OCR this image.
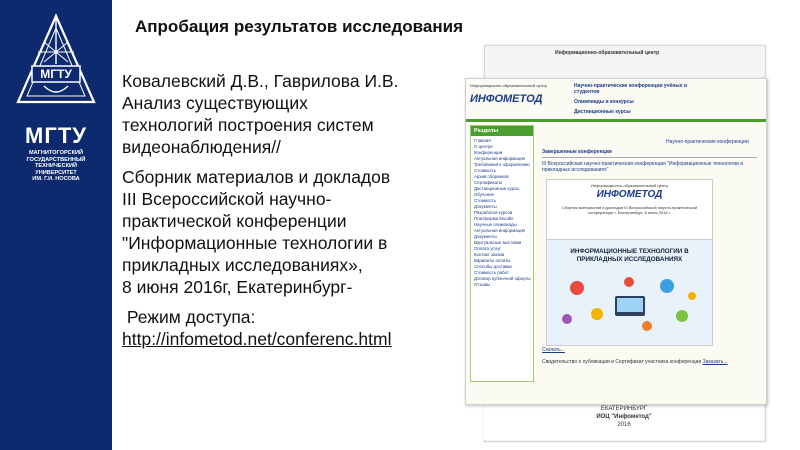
МГТУ
МГТУ
МАГНИТОГОРСКИЙ
ГОСУДАРСТВЕННЫЙ
ТЕХНИЧЕСКИЙ
УНИВЕРСИТЕТ
ИМ. Г.И. НОСОВА
Апробация результатов исследования

Ковалевский Д.В., Гаврилова И.В.

Анализ существующих

технологий построения систем

видеонаблюдения//

Сборник материалов и докладов

III Всероссийской научно-

практической конференции

"Информационные технологии в

прикладных исследованиях»,

8 июня 2016г, Екатеринбург-

Режим доступа:

http://infometod.net/conferenc.html

Информационно-образовательный центр
ЕКАТЕРИНБУРГ
ИОЦ "Инфометод"
2016
Информационно-образовательный центр
ИНФОМЕТОД
Научно-практические конференции учёных и студентов
Олимпиады и конкурсы
Дистанционные курсы
Разделы
Главная
О центре
Конференции
Актуальная информация
Требования к оформлению
Стоимость
Архив сборников
Сертификаты
Дистанционные курсы
Обучение
Стоимость
Документы
Разработка курсов
Платформа Moodle
Научные олимпиады
Актуальная информация
Документы
Виртуальные выставки
Оплата услуг
Контакт заказа
Варианты оплаты
Способы доставки
Стоимость работ
Договор публичной оферты
Отзывы
Научно-практические конференции
Завершенные конференции
III Всероссийская научно-практическая конференция "Информационные технологии в прикладных исследованиях"
Информационно-образовательный центр
ИНФОМЕТОД
Сборник материалов и докладов III Всероссийской научно-практической конференции г. Екатеринбург, 8 июня 2016 г.
ИНФОРМАЦИОННЫЕ ТЕХНОЛОГИИ В ПРИКЛАДНЫХ ИССЛЕДОВАНИЯХ
Скачать...
Свидетельство о публикации и Сертификат участника конференции Заказать...
